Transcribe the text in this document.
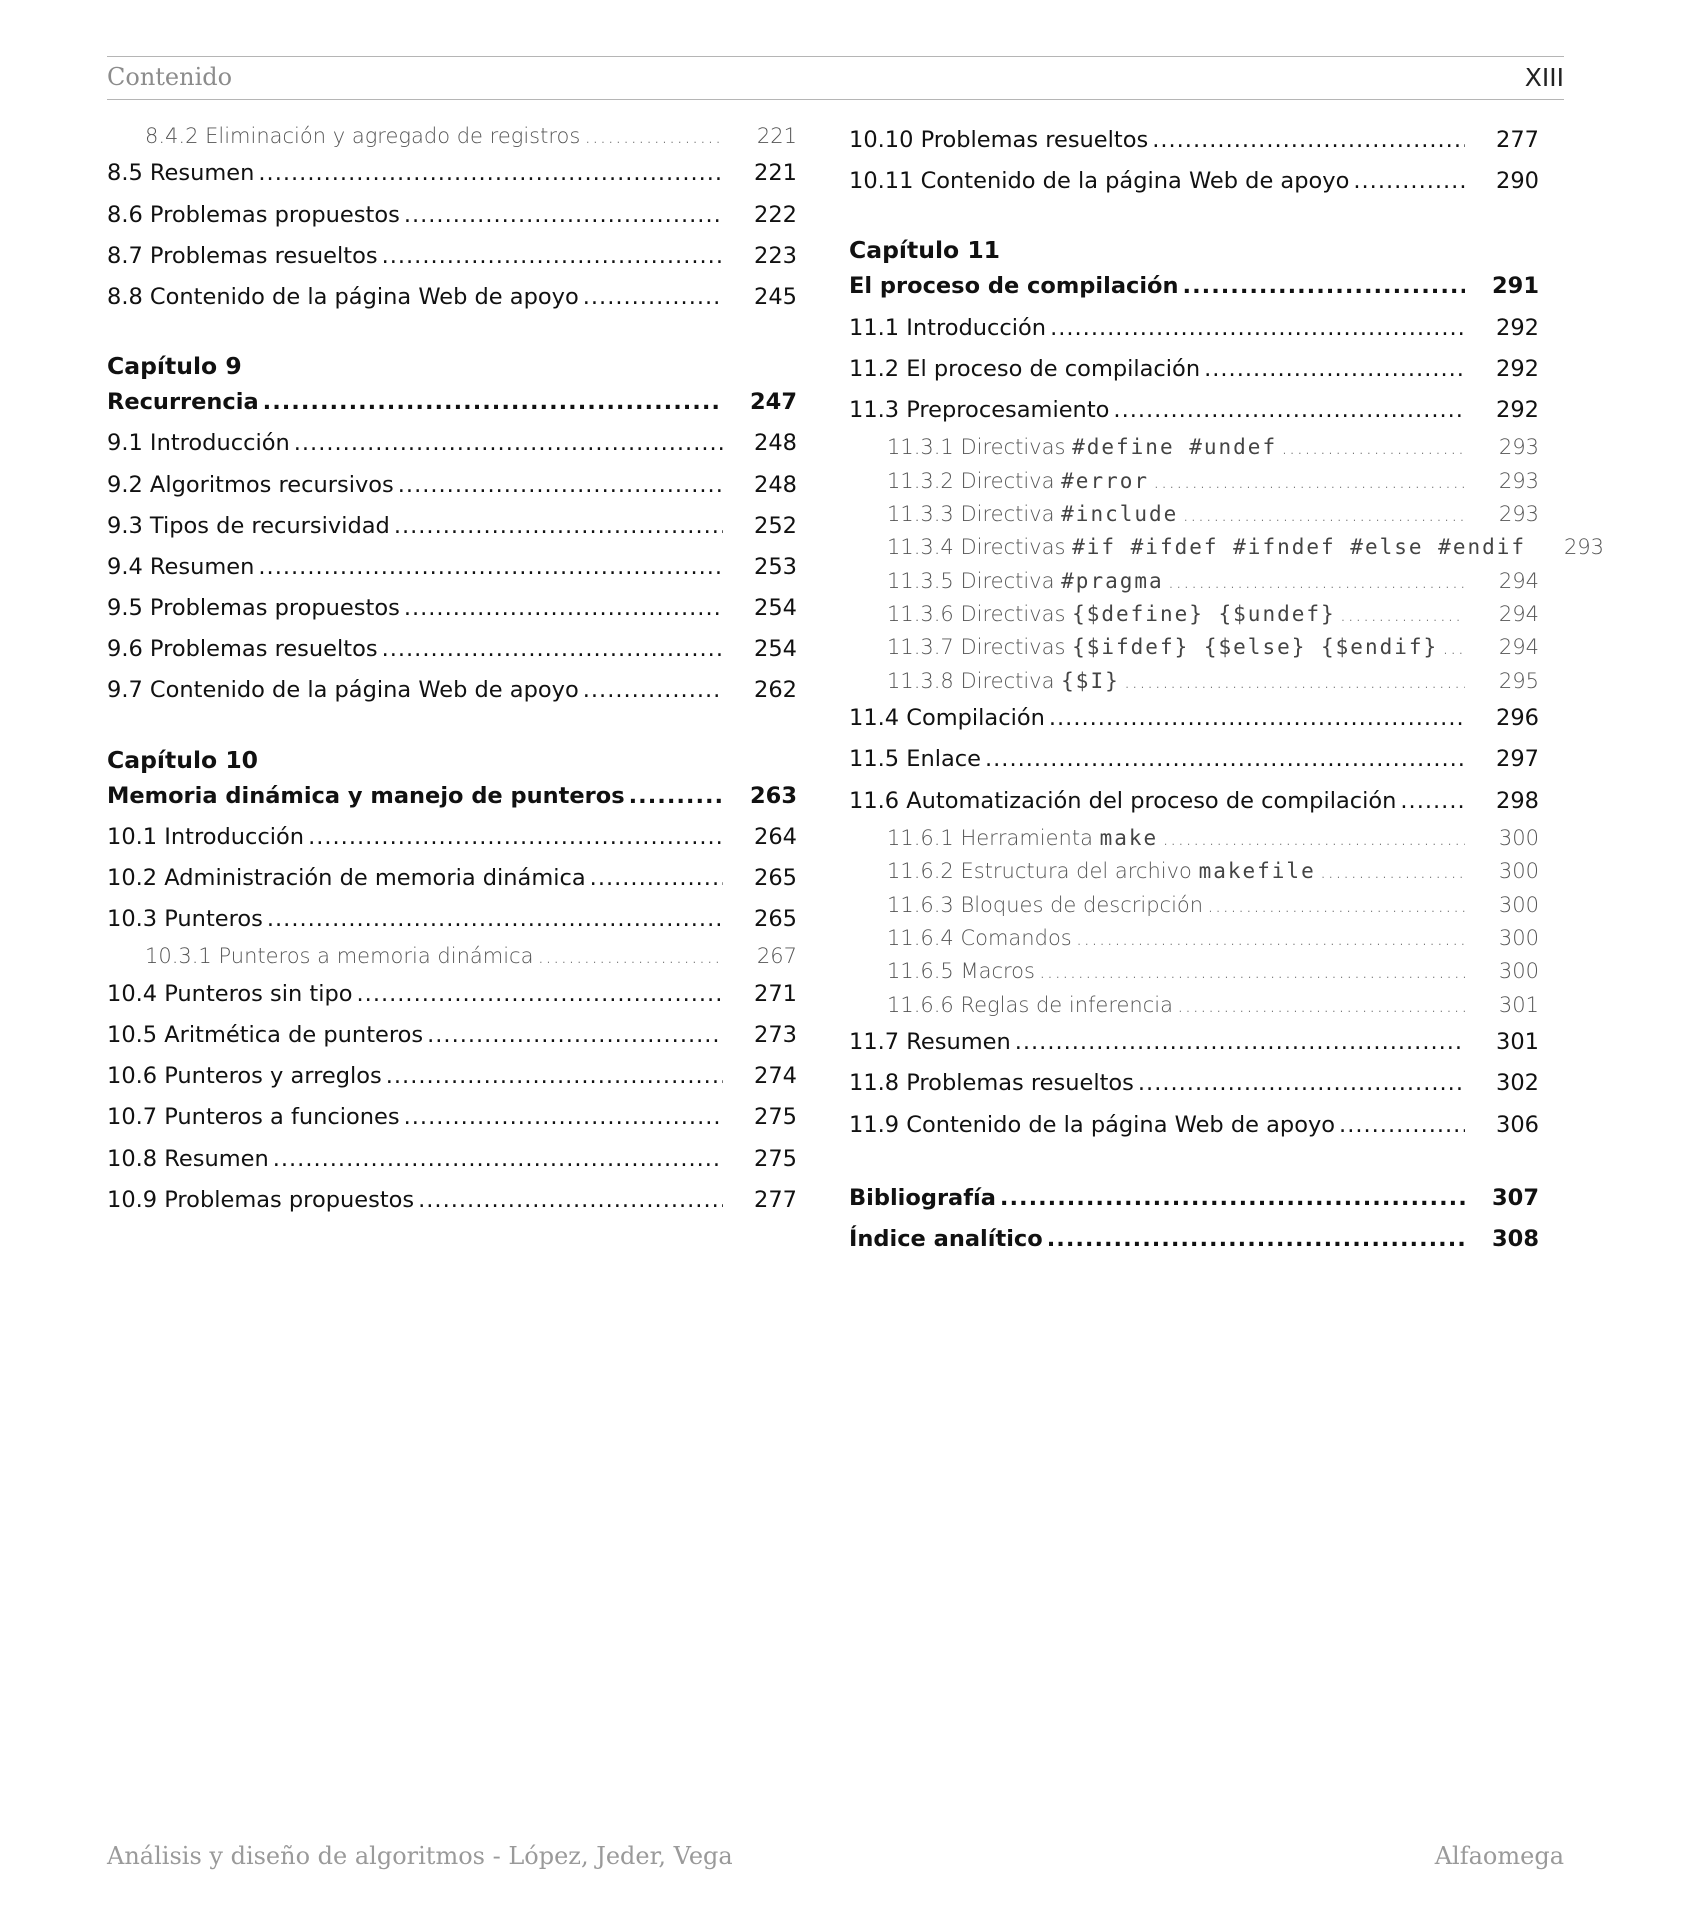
Contenido	XIII
8.4.2 Eliminación y agregado de registros .....	221
8.5 Resumen .....	221
8.6 Problemas propuestos .....	222
8.7 Problemas resueltos .....	223
8.8 Contenido de la página Web de apoyo .....	245
Capítulo 9
Recurrencia .....	247
9.1 Introducción .....	248
9.2 Algoritmos recursivos .....	248
9.3 Tipos de recursividad .....	252
9.4 Resumen .....	253
9.5 Problemas propuestos .....	254
9.6 Problemas resueltos .....	254
9.7 Contenido de la página Web de apoyo .....	262
Capítulo 10
Memoria dinámica y manejo de punteros .....	263
10.1 Introducción .....	264
10.2 Administración de memoria dinámica .....	265
10.3 Punteros .....	265
10.3.1 Punteros a memoria dinámica .....	267
10.4 Punteros sin tipo .....	271
10.5 Aritmética de punteros .....	273
10.6 Punteros y arreglos .....	274
10.7 Punteros a funciones .....	275
10.8 Resumen .....	275
10.9 Problemas propuestos .....	277
10.10 Problemas resueltos .....	277
10.11 Contenido de la página Web de apoyo .....	290
Capítulo 11
El proceso de compilación .....	291
11.1 Introducción .....	292
11.2 El proceso de compilación .....	292
11.3 Preprocesamiento .....	292
11.3.1 Directivas #define #undef .....	293
11.3.2 Directiva #error .....	293
11.3.3 Directiva #include .....	293
11.3.4 Directivas #if #ifdef #ifndef #else #endif	293
11.3.5 Directiva #pragma .....	294
11.3.6 Directivas {$define} {$undef} .....	294
11.3.7 Directivas {$ifdef} {$else} {$endif} .....	294
11.3.8 Directiva {$I} .....	295
11.4 Compilación .....	296
11.5 Enlace .....	297
11.6 Automatización del proceso de compilación .....	298
11.6.1 Herramienta make .....	300
11.6.2 Estructura del archivo makefile .....	300
11.6.3 Bloques de descripción .....	300
11.6.4 Comandos .....	300
11.6.5 Macros .....	300
11.6.6 Reglas de inferencia .....	301
11.7 Resumen .....	301
11.8 Problemas resueltos .....	302
11.9 Contenido de la página Web de apoyo .....	306
Bibliografía .....	307
Índice analítico .....	308
Análisis y diseño de algoritmos - López, Jeder, Vega	Alfaomega
